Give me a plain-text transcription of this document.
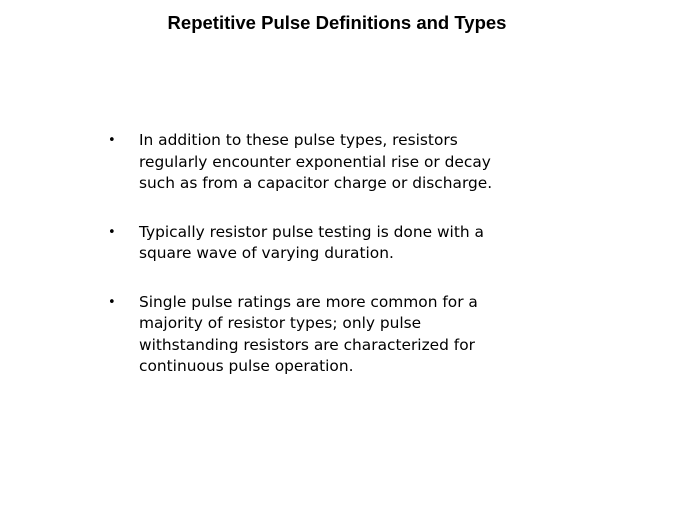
Repetitive Pulse Definitions and Types
• In addition to these pulse types, resistors
regularly encounter exponential rise or decay
such as from a capacitor charge or discharge.
• Typically resistor pulse testing is done with a
square wave of varying duration.
• Single pulse ratings are more common for a
majority of resistor types; only pulse
withstanding resistors are characterized for
continuous pulse operation.
